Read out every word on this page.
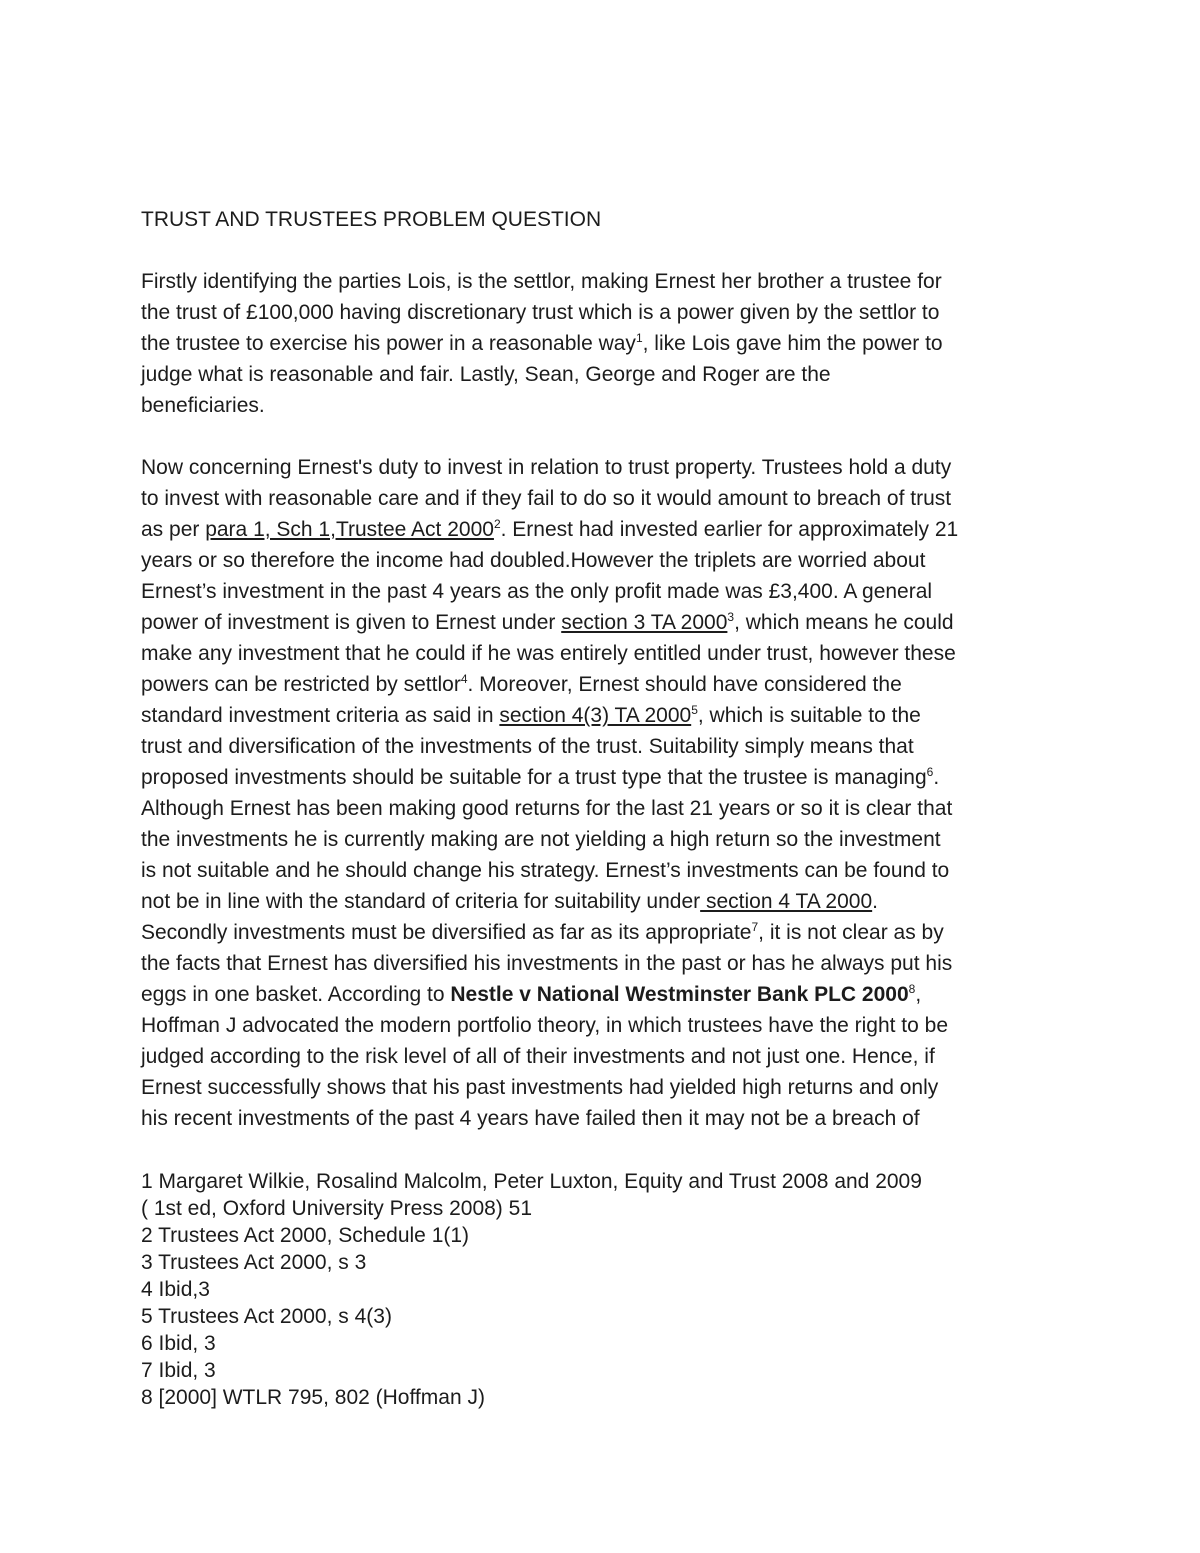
TRUST AND TRUSTEES PROBLEM QUESTION
Firstly identifying the parties Lois, is the settlor, making Ernest her brother a trustee for
the trust of £100,000 having discretionary trust which is a power given by the settlor to
the trustee to exercise his power in a reasonable way$^1$, like Lois gave him the power to
judge what is reasonable and fair. Lastly, Sean, George and Roger are the
beneficiaries.
Now concerning Ernest's duty to invest in relation to trust property. Trustees hold a duty
to invest with reasonable care and if they fail to do so it would amount to breach of trust
as per para 1, Sch 1,Trustee Act 2000$^2$. Ernest had invested earlier for approximately 21
years or so therefore the income had doubled.However the triplets are worried about
Ernest’s investment in the past 4 years as the only profit made was £3,400. A general
power of investment is given to Ernest under section 3 TA 2000$^3$, which means he could
make any investment that he could if he was entirely entitled under trust, however these
powers can be restricted by settlor$^4$. Moreover, Ernest should have considered the
standard investment criteria as said in section 4(3) TA 2000$^5$, which is suitable to the
trust and diversification of the investments of the trust. Suitability simply means that
proposed investments should be suitable for a trust type that the trustee is managing$^6$.
Although Ernest has been making good returns for the last 21 years or so it is clear that
the investments he is currently making are not yielding a high return so the investment
is not suitable and he should change his strategy. Ernest’s investments can be found to
not be in line with the standard of criteria for suitability under section 4 TA 2000.
Secondly investments must be diversified as far as its appropriate$^7$, it is not clear as by
the facts that Ernest has diversified his investments in the past or has he always put his
eggs in one basket. According to Nestle v National Westminster Bank PLC 2000$^8$,
Hoffman J advocated the modern portfolio theory, in which trustees have the right to be
judged according to the risk level of all of their investments and not just one. Hence, if
Ernest successfully shows that his past investments had yielded high returns and only
his recent investments of the past 4 years have failed then it may not be a breach of
1 Margaret Wilkie, Rosalind Malcolm, Peter Luxton, Equity and Trust 2008 and 2009
( 1st ed, Oxford University Press 2008) 51
2 Trustees Act 2000, Schedule 1(1)
3 Trustees Act 2000, s 3
4 Ibid,3
5 Trustees Act 2000, s 4(3)
6 Ibid, 3
7 Ibid, 3
8 [2000] WTLR 795, 802 (Hoffman J)
